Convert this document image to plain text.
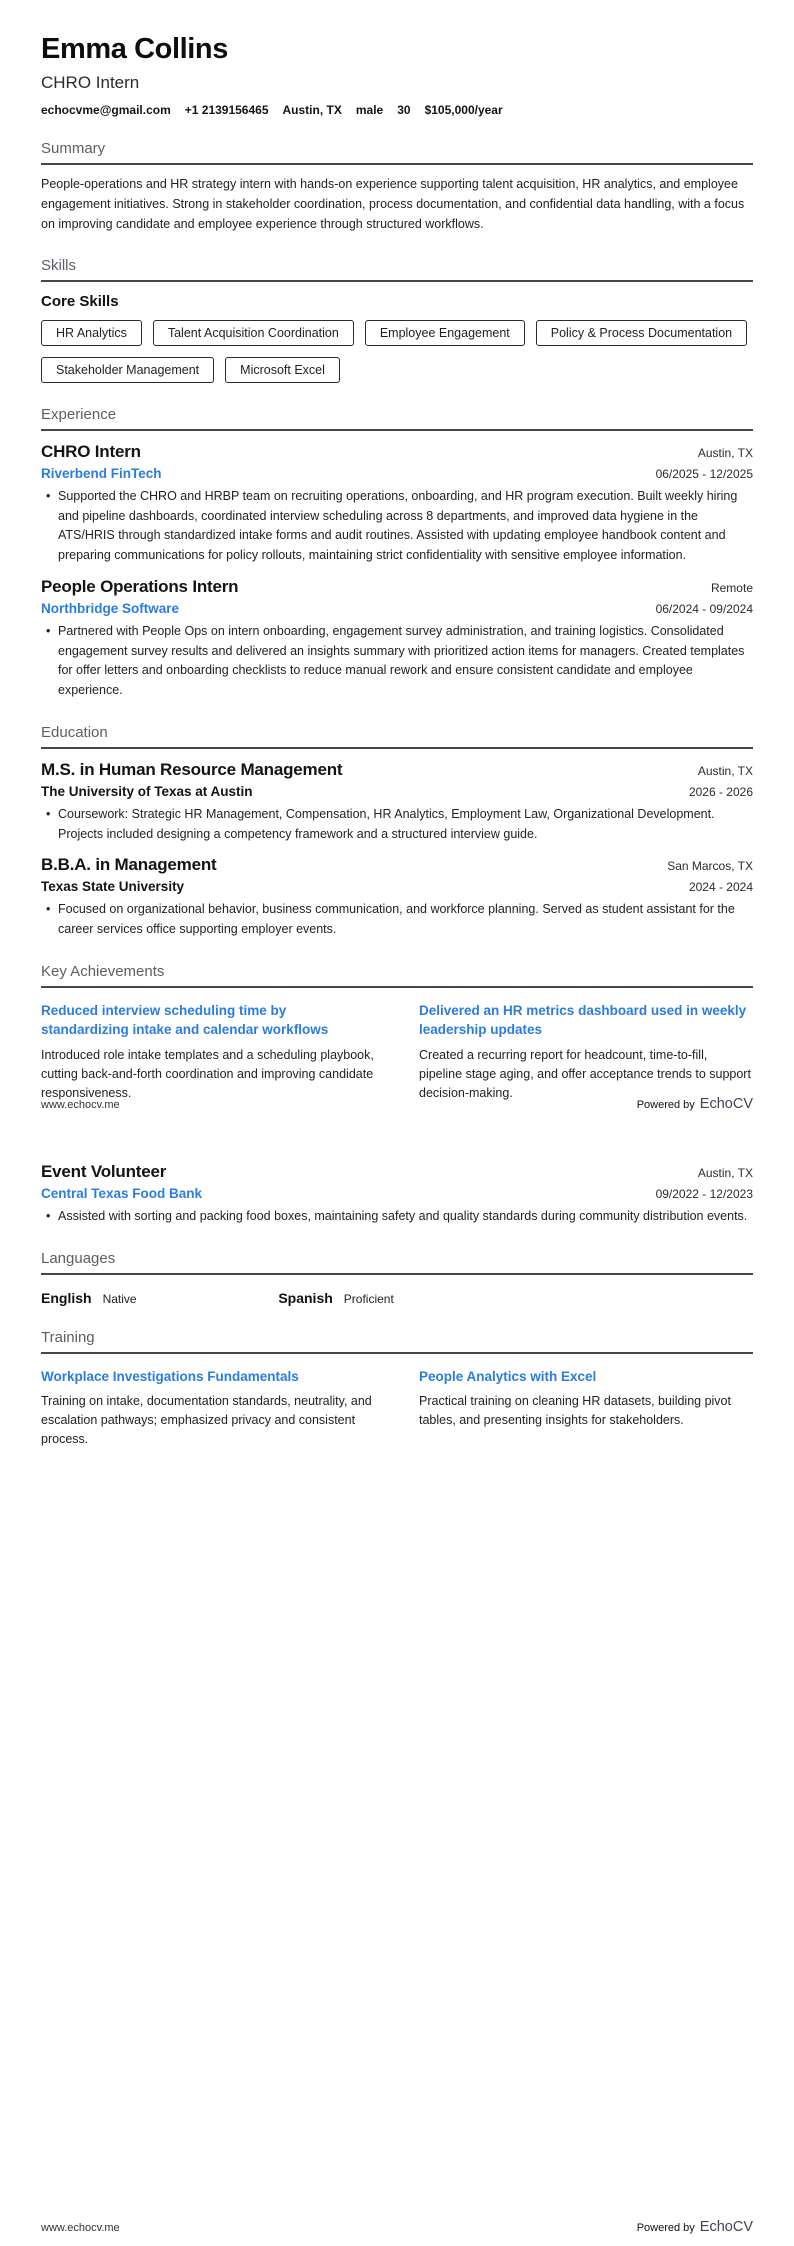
Emma Collins
CHRO Intern
echocvme@gmail.com +1 2139156465 Austin, TX male 30 $105,000/year
Summary
People-operations and HR strategy intern with hands-on experience supporting talent acquisition, HR analytics, and employee engagement initiatives. Strong in stakeholder coordination, process documentation, and confidential data handling, with a focus on improving candidate and employee experience through structured workflows.
Skills
Core Skills
HR Analytics	Talent Acquisition Coordination	Employee Engagement	Policy & Process Documentation
Stakeholder Management	Microsoft Excel
Experience
CHRO Intern	Austin, TX
Riverbend FinTech	06/2025 - 12/2025
• Supported the CHRO and HRBP team on recruiting operations, onboarding, and HR program execution. Built weekly hiring and pipeline dashboards, coordinated interview scheduling across 8 departments, and improved data hygiene in the ATS/HRIS through standardized intake forms and audit routines. Assisted with updating employee handbook content and preparing communications for policy rollouts, maintaining strict confidentiality with sensitive employee information.
People Operations Intern	Remote
Northbridge Software	06/2024 - 09/2024
• Partnered with People Ops on intern onboarding, engagement survey administration, and training logistics. Consolidated engagement survey results and delivered an insights summary with prioritized action items for managers. Created templates for offer letters and onboarding checklists to reduce manual rework and ensure consistent candidate and employee experience.
Education
M.S. in Human Resource Management	Austin, TX
The University of Texas at Austin	2026 - 2026
• Coursework: Strategic HR Management, Compensation, HR Analytics, Employment Law, Organizational Development. Projects included designing a competency framework and a structured interview guide.
B.B.A. in Management	San Marcos, TX
Texas State University	2024 - 2024
• Focused on organizational behavior, business communication, and workforce planning. Served as student assistant for the career services office supporting employer events.
Key Achievements
Reduced interview scheduling time by standardizing intake and calendar workflows
Introduced role intake templates and a scheduling playbook, cutting back-and-forth coordination and improving candidate responsiveness.
Delivered an HR metrics dashboard used in weekly leadership updates
Created a recurring report for headcount, time-to-fill, pipeline stage aging, and offer acceptance trends to support decision-making.
www.echocv.me	Powered by EchoCV
Event Volunteer	Austin, TX
Central Texas Food Bank	09/2022 - 12/2023
• Assisted with sorting and packing food boxes, maintaining safety and quality standards during community distribution events.
Languages
English Native	Spanish Proficient
Training
Workplace Investigations Fundamentals
Training on intake, documentation standards, neutrality, and escalation pathways; emphasized privacy and consistent process.
People Analytics with Excel
Practical training on cleaning HR datasets, building pivot tables, and presenting insights for stakeholders.
www.echocv.me	Powered by EchoCV
